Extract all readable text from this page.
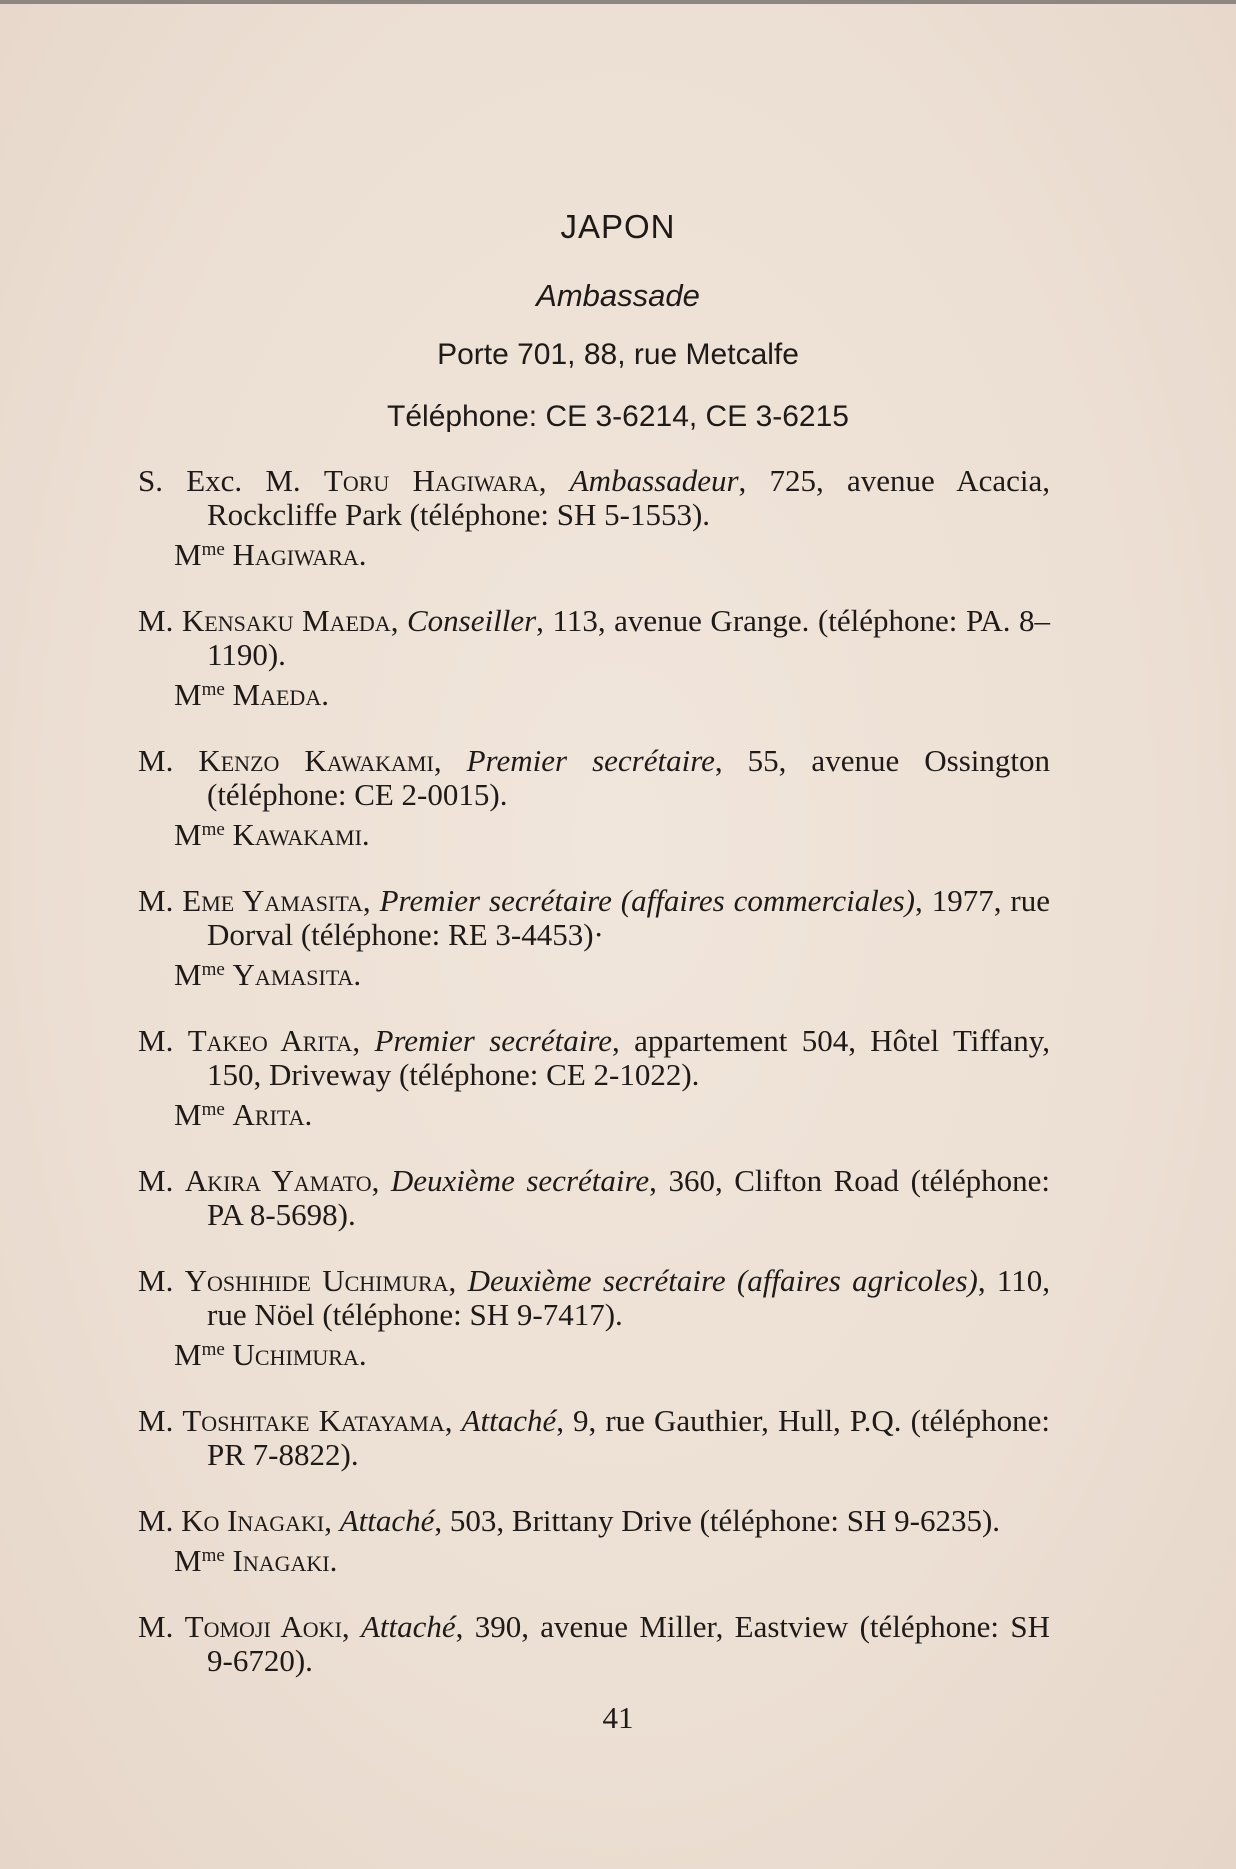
JAPON
Ambassade
Porte 701, 88, rue Metcalfe
Téléphone: CE 3-6214, CE 3-6215
S. Exc. M. Toru Hagiwara, Ambassadeur, 725, avenue Acacia, Rockcliffe Park (téléphone: SH 5-1553).
$M^{me}$ Hagiwara.
M. Kensaku Maeda, Conseiller, 113, avenue Grange. (téléphone: PA. 8–1190).
$M^{me}$ Maeda.
M. Kenzo Kawakami, Premier secrétaire, 55, avenue Ossington (téléphone: CE 2-0015).
$M^{me}$ Kawakami.
M. Eme Yamasita, Premier secrétaire (affaires commerciales), 1977, rue Dorval (téléphone: RE 3-4453)·
$M^{me}$ Yamasita.
M. Takeo Arita, Premier secrétaire, appartement 504, Hôtel Tiffany, 150, Driveway (téléphone: CE 2-1022).
$M^{me}$ Arita.
M. Akira Yamato, Deuxième secrétaire, 360, Clifton Road (téléphone: PA 8-5698).
M. Yoshihide Uchimura, Deuxième secrétaire (affaires agricoles), 110, rue Nöel (téléphone: SH 9-7417).
$M^{me}$ Uchimura.
M. Toshitake Katayama, Attaché, 9, rue Gauthier, Hull, P.Q. (téléphone: PR 7-8822).
M. Ko Inagaki, Attaché, 503, Brittany Drive (téléphone: SH 9-6235).
$M^{me}$ Inagaki.
M. Tomoji Aoki, Attaché, 390, avenue Miller, Eastview (téléphone: SH 9-6720).
41
